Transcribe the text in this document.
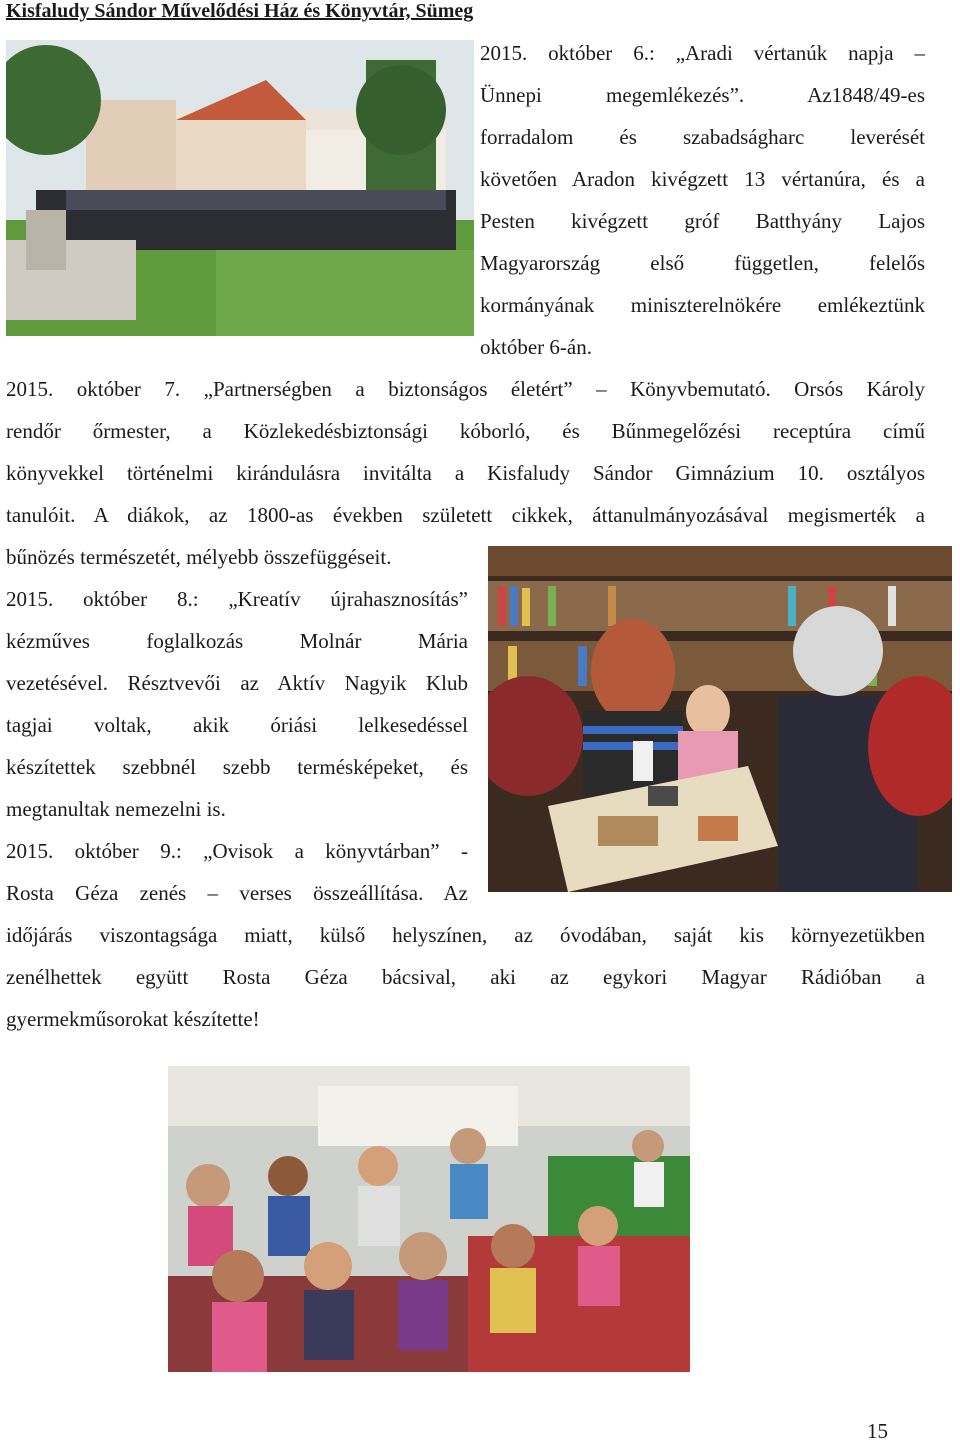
Kisfaludy Sándor Művelődési Ház és Könyvtár, Sümeg

2015. október 6.: „Aradi vértanúk napja –
Ünnepi megemlékezés”. Az1848/49-es
forradalom és szabadságharc leverését
követően Aradon kivégzett 13 vértanúra, és a
Pesten kivégzett gróf Batthyány Lajos
Magyarország első független, felelős
kormányának miniszterelnökére emlékeztünk
október 6-án.

2015. október 7. „Partnerségben a biztonságos életért” – Könyvbemutató. Orsós Károly
rendőr őrmester, a Közlekedésbiztonsági kóborló, és Bűnmegelőzési receptúra című
könyvekkel történelmi kirándulásra invitálta a Kisfaludy Sándor Gimnázium 10. osztályos
tanulóit. A diákok, az 1800-as években született cikkek, áttanulmányozásával megismerték a
bűnözés természetét, mélyebb összefüggéseit.

2015. október 8.: „Kreatív újrahasznosítás”
kézműves foglalkozás Molnár Mária
vezetésével. Résztvevői az Aktív Nagyik Klub
tagjai voltak, akik óriási lelkesedéssel
készítettek szebbnél szebb termésképeket, és
megtanultak nemezelni is.

2015. október 9.: „Ovisok a könyvtárban” -
Rosta Géza zenés – verses összeállítása. Az

időjárás viszontagsága miatt, külső helyszínen, az óvodában, saját kis környezetükben
zenélhettek együtt Rosta Géza bácsival, aki az egykori Magyar Rádióban a
gyermekműsorokat készítette!

15
